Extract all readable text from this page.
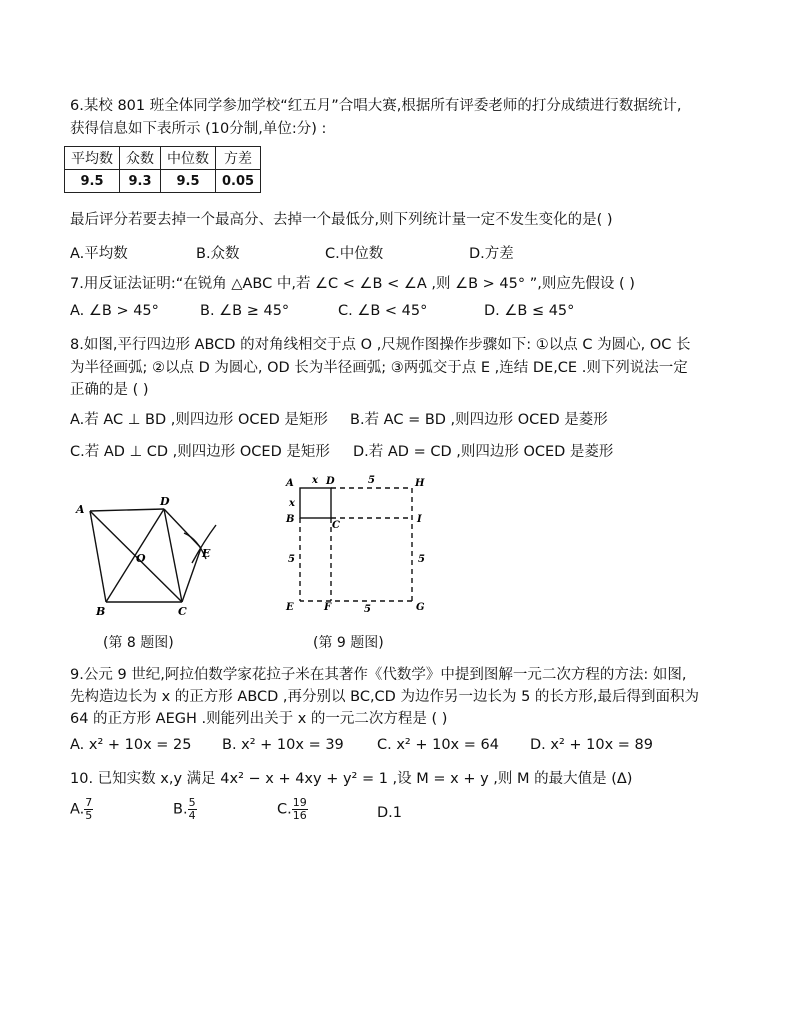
6.某校 801 班全体同学参加学校“红五月”合唱大赛,根据所有评委老师的打分成绩进行数据统计,
获得信息如下表所示 (10分制,单位:分) :
平均数	众数	中位数	方差
9.5	9.3	9.5	0.05
最后评分若要去掉一个最高分、去掉一个最低分,则下列统计量一定不发生变化的是( )
A.平均数	B.众数	C.中位数	D.方差
7.用反证法证明:“在锐角 △ABC 中,若 ∠C < ∠B < ∠A ,则 ∠B > 45° ”,则应先假设 ( )
A. ∠B > 45°	B. ∠B ≥ 45°	C. ∠B < 45°	D. ∠B ≤ 45°
8.如图,平行四边形 ABCD 的对角线相交于点 O ,尺规作图操作步骤如下: ①以点 C 为圆心, OC 长
为半径画弧; ②以点 D 为圆心, OD 长为半径画弧; ③两弧交于点 E ,连结 DE,CE .则下列说法一定
正确的是 ( )
A.若 AC ⊥ BD ,则四边形 OCED 是矩形 B.若 AC = BD ,则四边形 OCED 是菱形
C.若 AD ⊥ CD ,则四边形 OCED 是矩形 D.若 AD = CD ,则四边形 OCED 是菱形
A
D
O	E
B	C
(第 8 题图)
A	D	H
B
C
I
E	F	G
x
x
5
5	5
5
(第 9 题图)
9.公元 9 世纪,阿拉伯数学家花拉子米在其著作《代数学》中提到图解一元二次方程的方法: 如图,
先构造边长为 x 的正方形 ABCD ,再分别以 BC,CD 为边作另一边长为 5 的长方形,最后得到面积为
64 的正方形 AEGH .则能列出关于 x 的一元二次方程是 ( )
A. x² + 10x = 25 B. x² + 10x = 39 C. x² + 10x = 64 D. x² + 10x = 89
10. 已知实数 x,y 满足 4x² − x + 4xy + y² = 1 ,设 M = x + y ,则 M 的最大值是 (Δ)
A. $\frac{7}{5}$	B. $\frac{5}{4}$	C. $\frac{19}{16}$	D.1
